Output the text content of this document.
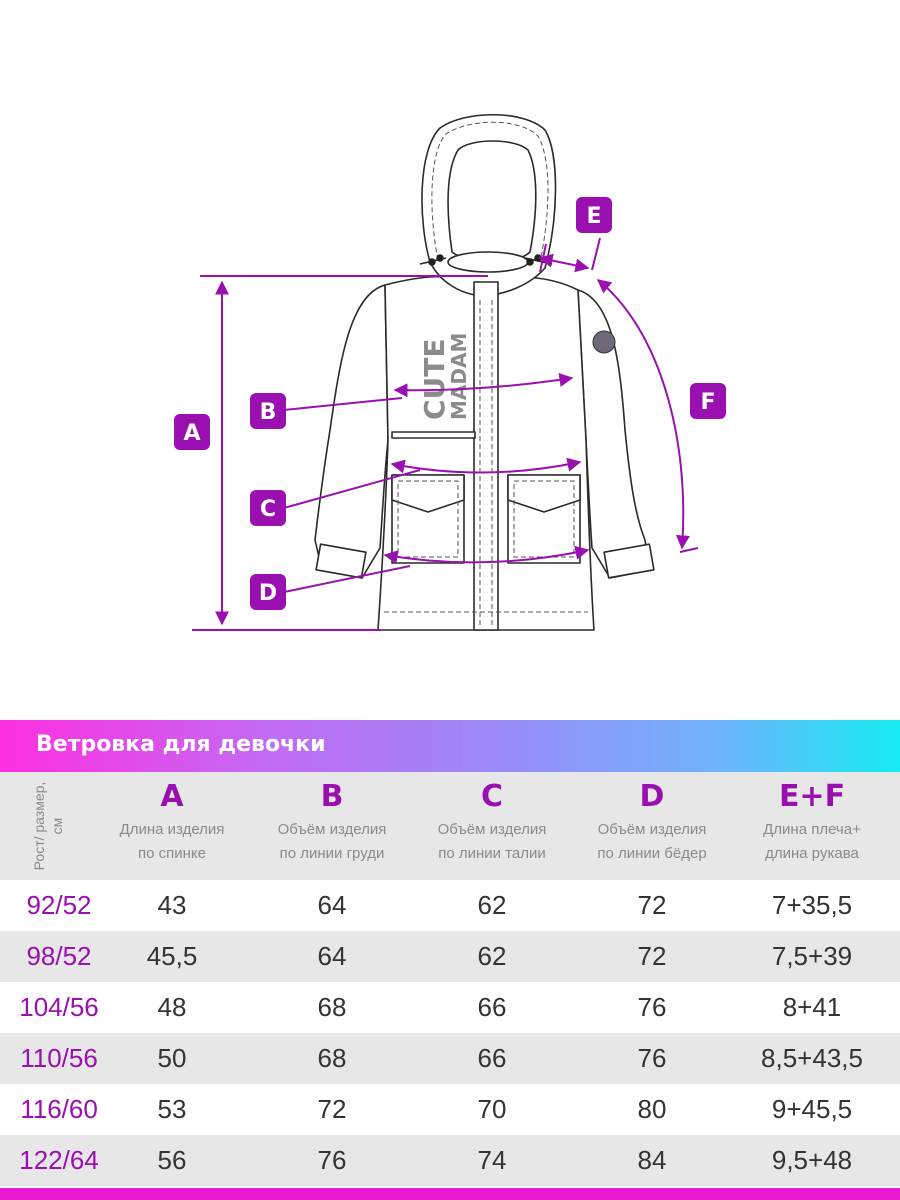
CUTE
MADAM
A
B
C
D
E
F
Ветровка для девочки
Рост/ размер, см
A
Длина изделия
по спинке
B
Объём изделия
по линии груди
C
Объём изделия
по линии талии
D
Объём изделия
по линии бёдер
E+F
Длина плеча+
длина рукава
92/52	43	64	62	72	7+35,5
98/52	45,5	64	62	72	7,5+39
104/56	48	68	66	76	8+41
110/56	50	68	66	76	8,5+43,5
116/60	53	72	70	80	9+45,5
122/64	56	76	74	84	9,5+48
